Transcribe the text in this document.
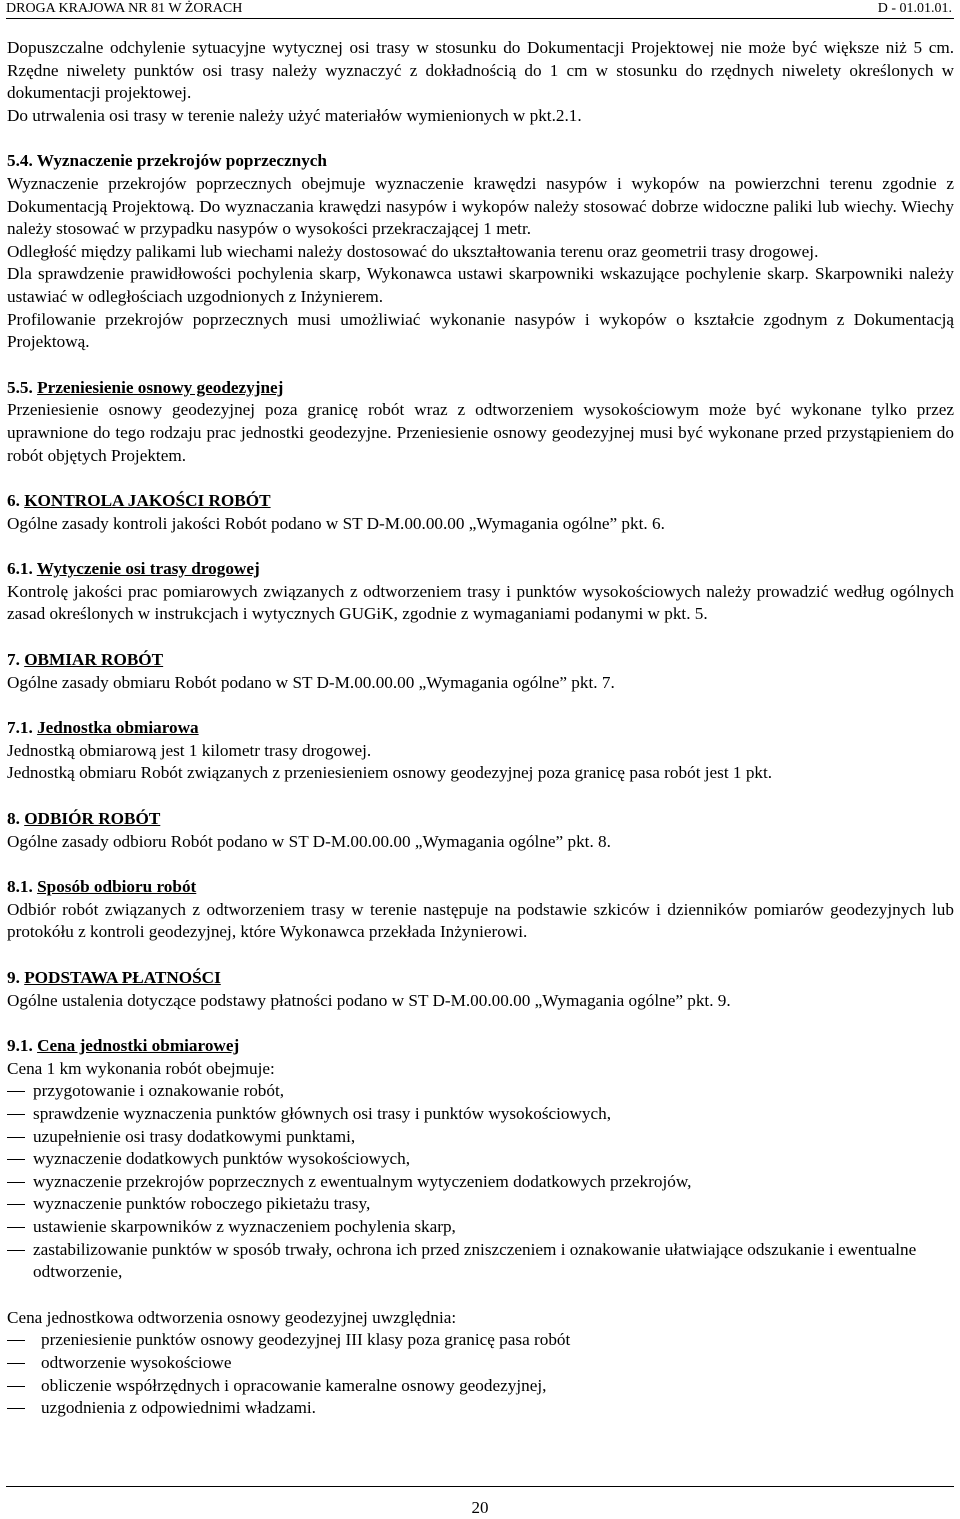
DROGA KRAJOWA NR 81 W ŻORACH	D - 01.01.01.

Dopuszczalne odchylenie sytuacyjne wytycznej osi trasy w stosunku do Dokumentacji Projektowej nie może być większe niż 5 cm. Rzędne niwelety punktów osi trasy należy wyznaczyć z dokładnością do 1 cm w stosunku do rzędnych niwelety określonych w dokumentacji projektowej.

Do utrwalenia osi trasy w terenie należy użyć materiałów wymienionych w pkt.2.1.

5.4. Wyznaczenie przekrojów poprzecznych

Wyznaczenie przekrojów poprzecznych obejmuje wyznaczenie krawędzi nasypów i wykopów na powierzchni terenu zgodnie z Dokumentacją Projektową. Do wyznaczania krawędzi nasypów i wykopów należy stosować dobrze widoczne paliki lub wiechy. Wiechy należy stosować w przypadku nasypów o wysokości przekraczającej 1 metr.

Odległość między palikami lub wiechami należy dostosować do ukształtowania terenu oraz geometrii trasy drogowej.

Dla sprawdzenie prawidłowości pochylenia skarp, Wykonawca ustawi skarpowniki wskazujące pochylenie skarp. Skarpowniki należy ustawiać w odległościach uzgodnionych z Inżynierem.

Profilowanie przekrojów poprzecznych musi umożliwiać wykonanie nasypów i wykopów o kształcie zgodnym z Dokumentacją Projektową.

5.5. Przeniesienie osnowy geodezyjnej

Przeniesienie osnowy geodezyjnej poza granicę robót wraz z odtworzeniem wysokościowym może być wykonane tylko przez uprawnione do tego rodzaju prac jednostki geodezyjne. Przeniesienie osnowy geodezyjnej musi być wykonane przed przystąpieniem do robót objętych Projektem.

6. KONTROLA JAKOŚCI ROBÓT

Ogólne zasady kontroli jakości Robót podano w ST D-M.00.00.00 „Wymagania ogólne” pkt. 6.

6.1. Wytyczenie osi trasy drogowej

Kontrolę jakości prac pomiarowych związanych z odtworzeniem trasy i punktów wysokościowych należy prowadzić według ogólnych zasad określonych w instrukcjach i wytycznych GUGiK, zgodnie z wymaganiami podanymi w pkt. 5.

7. OBMIAR ROBÓT

Ogólne zasady obmiaru Robót podano w ST D-M.00.00.00 „Wymagania ogólne” pkt. 7.

7.1. Jednostka obmiarowa

Jednostką obmiarową jest 1 kilometr trasy drogowej.

Jednostką obmiaru Robót związanych z przeniesieniem osnowy geodezyjnej poza granicę pasa robót jest 1 pkt.

8. ODBIÓR ROBÓT

Ogólne zasady odbioru Robót podano w ST D-M.00.00.00 „Wymagania ogólne” pkt. 8.

8.1. Sposób odbioru robót

Odbiór robót związanych z odtworzeniem trasy w terenie następuje na podstawie szkiców i dzienników pomiarów geodezyjnych lub protokółu z kontroli geodezyjnej, które Wykonawca przekłada Inżynierowi.

9. PODSTAWA PŁATNOŚCI

Ogólne ustalenia dotyczące podstawy płatności podano w ST D-M.00.00.00 „Wymagania ogólne” pkt. 9.

9.1. Cena jednostki obmiarowej

Cena 1 km wykonania robót obejmuje:

przygotowanie i oznakowanie robót,
sprawdzenie wyznaczenia punktów głównych osi trasy i punktów wysokościowych,
uzupełnienie osi trasy dodatkowymi punktami,
wyznaczenie dodatkowych punktów wysokościowych,
wyznaczenie przekrojów poprzecznych z ewentualnym wytyczeniem dodatkowych przekrojów,
wyznaczenie punktów roboczego pikietażu trasy,
ustawienie skarpowników z wyznaczeniem pochylenia skarp,
zastabilizowanie punktów w sposób trwały, ochrona ich przed zniszczeniem i oznakowanie ułatwiające odszukanie i ewentualne odtworzenie,

Cena jednostkowa odtworzenia osnowy geodezyjnej uwzględnia:

przeniesienie punktów osnowy geodezyjnej III klasy poza granicę pasa robót
odtworzenie wysokościowe
obliczenie współrzędnych i opracowanie kameralne osnowy geodezyjnej,
uzgodnienia z odpowiednimi władzami.
20
